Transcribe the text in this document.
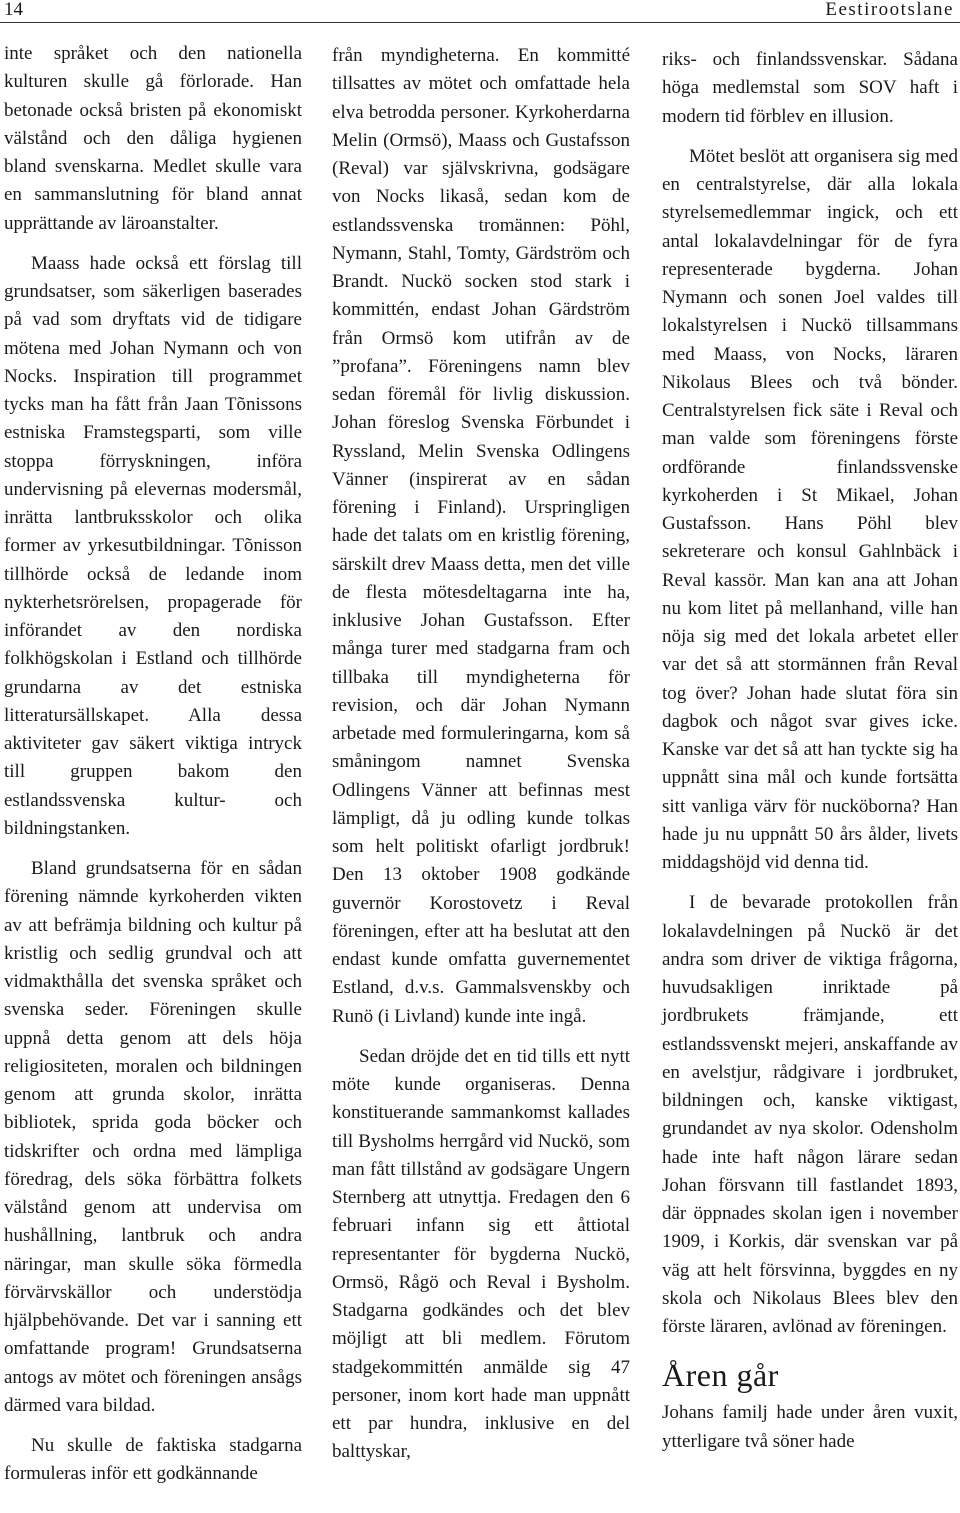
14	Eestirootslane

inte språket och den nationella kulturen skulle gå förlorade. Han betonade också bristen på ekonomiskt välstånd och den dåliga hygienen bland svenskarna. Medlet skulle vara en sammanslutning för bland annat upprättande av läroanstalter.

Maass hade också ett förslag till grundsatser, som säkerligen baserades på vad som dryftats vid de tidigare mötena med Johan Nymann och von Nocks. Inspiration till programmet tycks man ha fått från Jaan Tõnissons estniska Framstegsparti, som ville stoppa förryskningen, införa undervisning på elevernas modersmål, inrätta lantbruksskolor och olika former av yrkesutbildningar. Tõnisson tillhörde också de ledande inom nykterhetsrörelsen, propagerade för införandet av den nordiska folkhögskolan i Estland och tillhörde grundarna av det estniska litteratursällskapet. Alla dessa aktiviteter gav säkert viktiga intryck till gruppen bakom den estlandssvenska kultur- och bildningstanken.

Bland grundsatserna för en sådan förening nämnde kyrkoherden vikten av att befrämja bildning och kultur på kristlig och sedlig grundval och att vidmakthålla det svenska språket och svenska seder. Föreningen skulle uppnå detta genom att dels höja religiositeten, moralen och bildningen genom att grunda skolor, inrätta bibliotek, sprida goda böcker och tidskrifter och ordna med lämpliga föredrag, dels söka förbättra folkets välstånd genom att undervisa om hushållning, lantbruk och andra näringar, man skulle söka förmedla förvärvskällor och understödja hjälpbehövande. Det var i sanning ett omfattande program! Grundsatserna antogs av mötet och föreningen ansågs därmed vara bildad.

Nu skulle de faktiska stadgarna formuleras inför ett godkännande

från myndigheterna. En kommitté tillsattes av mötet och omfattade hela elva betrodda personer. Kyrkoherdarna Melin (Ormsö), Maass och Gustafsson (Reval) var självskrivna, godsägare von Nocks likaså, sedan kom de estlandssvenska tromännen: Pöhl, Nymann, Stahl, Tomty, Gärdström och Brandt. Nuckö socken stod stark i kommittén, endast Johan Gärdström från Ormsö kom utifrån av de ”profana”. Föreningens namn blev sedan föremål för livlig diskussion. Johan föreslog Svenska Förbundet i Ryssland, Melin Svenska Odlingens Vänner (inspirerat av en sådan förening i Finland). Urspringligen hade det talats om en kristlig förening, särskilt drev Maass detta, men det ville de flesta mötesdeltagarna inte ha, inklusive Johan Gustafsson. Efter många turer med stadgarna fram och tillbaka till myndigheterna för revision, och där Johan Nymann arbetade med formuleringarna, kom så småningom namnet Svenska Odlingens Vänner att befinnas mest lämpligt, då ju odling kunde tolkas som helt politiskt ofarligt jordbruk! Den 13 oktober 1908 godkände guvernör Korostovetz i Reval föreningen, efter att ha beslutat att den endast kunde omfatta guvernementet Estland, d.v.s. Gammalsvenskby och Runö (i Livland) kunde inte ingå.

Sedan dröjde det en tid tills ett nytt möte kunde organiseras. Denna konstituerande sammankomst kallades till Bysholms herrgård vid Nuckö, som man fått tillstånd av godsägare Ungern Sternberg att utnyttja. Fredagen den 6 februari infann sig ett åttiotal representanter för bygderna Nuckö, Ormsö, Rågö och Reval i Bysholm. Stadgarna godkändes och det blev möjligt att bli medlem. Förutom stadgekommittén anmälde sig 47 personer, inom kort hade man uppnått ett par hundra, inklusive en del balttyskar,

riks- och finlandssvenskar. Sådana höga medlemstal som SOV haft i modern tid förblev en illusion.

Mötet beslöt att organisera sig med en centralstyrelse, där alla lokala styrelsemedlemmar ingick, och ett antal lokalavdelningar för de fyra representerade bygderna. Johan Nymann och sonen Joel valdes till lokalstyrelsen i Nuckö tillsammans med Maass, von Nocks, läraren Nikolaus Blees och två bönder. Centralstyrelsen fick säte i Reval och man valde som föreningens förste ordförande finlandssvenske kyrkoherden i St Mikael, Johan Gustafsson. Hans Pöhl blev sekreterare och konsul Gahlnbäck i Reval kassör. Man kan ana att Johan nu kom litet på mellanhand, ville han nöja sig med det lokala arbetet eller var det så att stormännen från Reval tog över? Johan hade slutat föra sin dagbok och något svar gives icke. Kanske var det så att han tyckte sig ha uppnått sina mål och kunde fortsätta sitt vanliga värv för nucköborna? Han hade ju nu uppnått 50 års ålder, livets middagshöjd vid denna tid.

I de bevarade protokollen från lokalavdelningen på Nuckö är det andra som driver de viktiga frågorna, huvudsakligen inriktade på jordbrukets främjande, ett estlandssvenskt mejeri, anskaffande av en avelstjur, rådgivare i jordbruket, bildningen och, kanske viktigast, grundandet av nya skolor. Odensholm hade inte haft någon lärare sedan Johan försvann till fastlandet 1893, där öppnades skolan igen i november 1909, i Korkis, där svenskan var på väg att helt försvinna, byggdes en ny skola och Nikolaus Blees blev den förste läraren, avlönad av föreningen.

Åren går

Johans familj hade under åren vuxit, ytterligare två söner hade
